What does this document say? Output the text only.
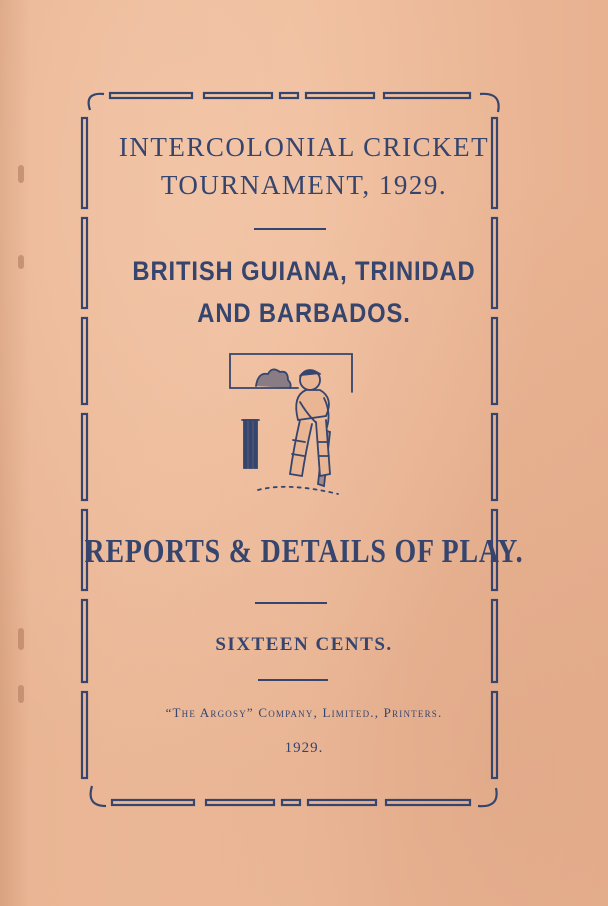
INTERCOLONIAL CRICKET
TOURNAMENT, 1929.
BRITISH GUIANA, TRINIDAD
AND BARBADOS.
REPORTS & DETAILS OF PLAY.
SIXTEEN CENTS.
“The Argosy” Company, Limited., Printers.
1929.
